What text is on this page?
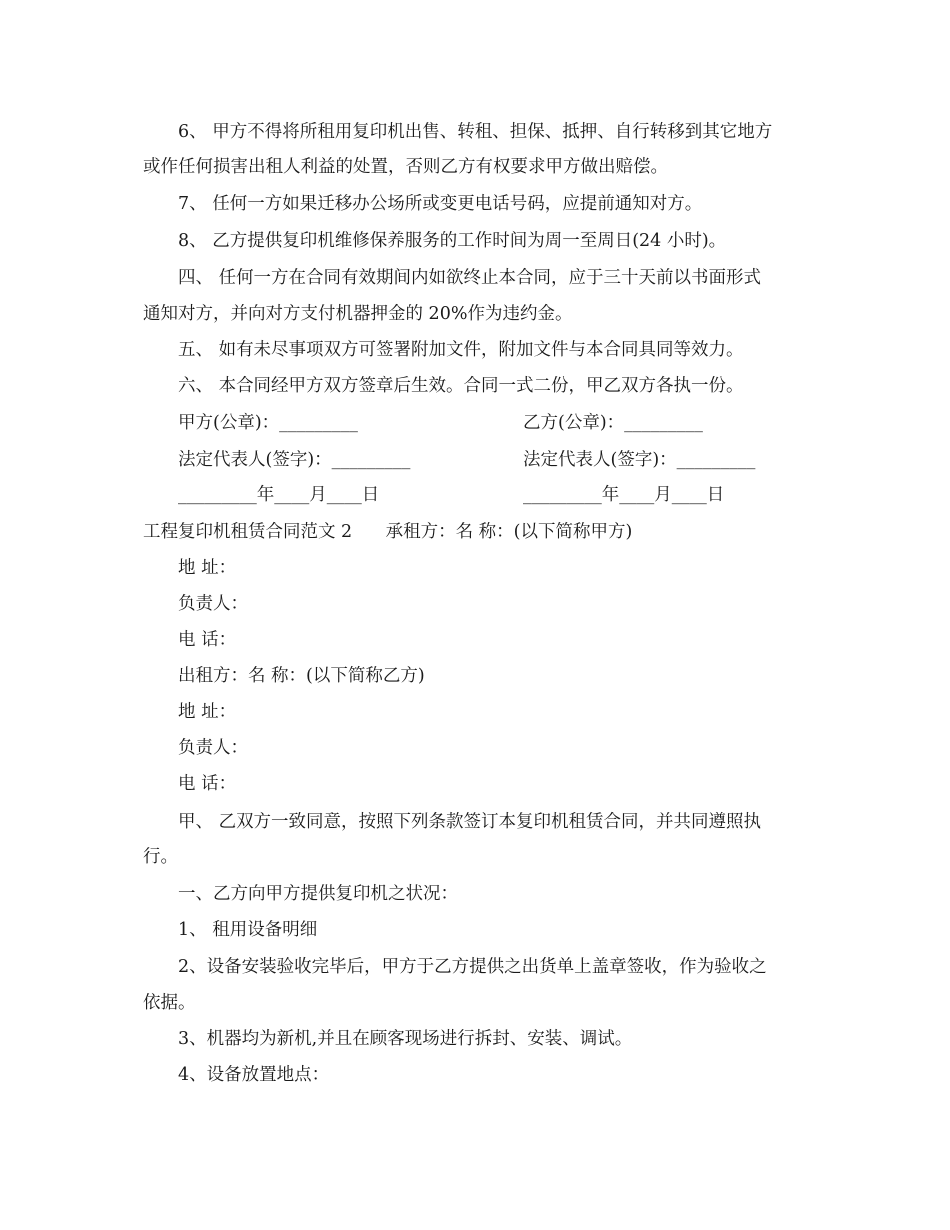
6、 甲方不得将所租用复印机出售、转租、担保、抵押、自行转移到其它地方
或作任何损害出租人利益的处置，否则乙方有权要求甲方做出赔偿。
7、 任何一方如果迁移办公场所或变更电话号码，应提前通知对方。
8、 乙方提供复印机维修保养服务的工作时间为周一至周日(24 小时)。
四、 任何一方在合同有效期间内如欲终止本合同，应于三十天前以书面形式
通知对方，并向对方支付机器押金的 20%作为违约金。
五、 如有未尽事项双方可签署附加文件，附加文件与本合同具同等效力。
六、 本合同经甲方双方签章后生效。合同一式二份，甲乙双方各执一份。
甲方(公章)：_________	乙方(公章)：_________
法定代表人(签字)：_________	法定代表人(签字)：_________
_________年____月____日	_________年____月____日
工程复印机租赁合同范文 2      承租方：名 称：(以下简称甲方)
地 址：
负责人：
电 话：
出租方：名 称：(以下简称乙方)
地 址：
负责人：
电 话：
甲、 乙双方一致同意，按照下列条款签订本复印机租赁合同，并共同遵照执
行。
一、乙方向甲方提供复印机之状况：
1、 租用设备明细
2、设备安装验收完毕后，甲方于乙方提供之出货单上盖章签收，作为验收之
依据。
3、机器均为新机,并且在顾客现场进行拆封、安装、调试。
4、设备放置地点：
